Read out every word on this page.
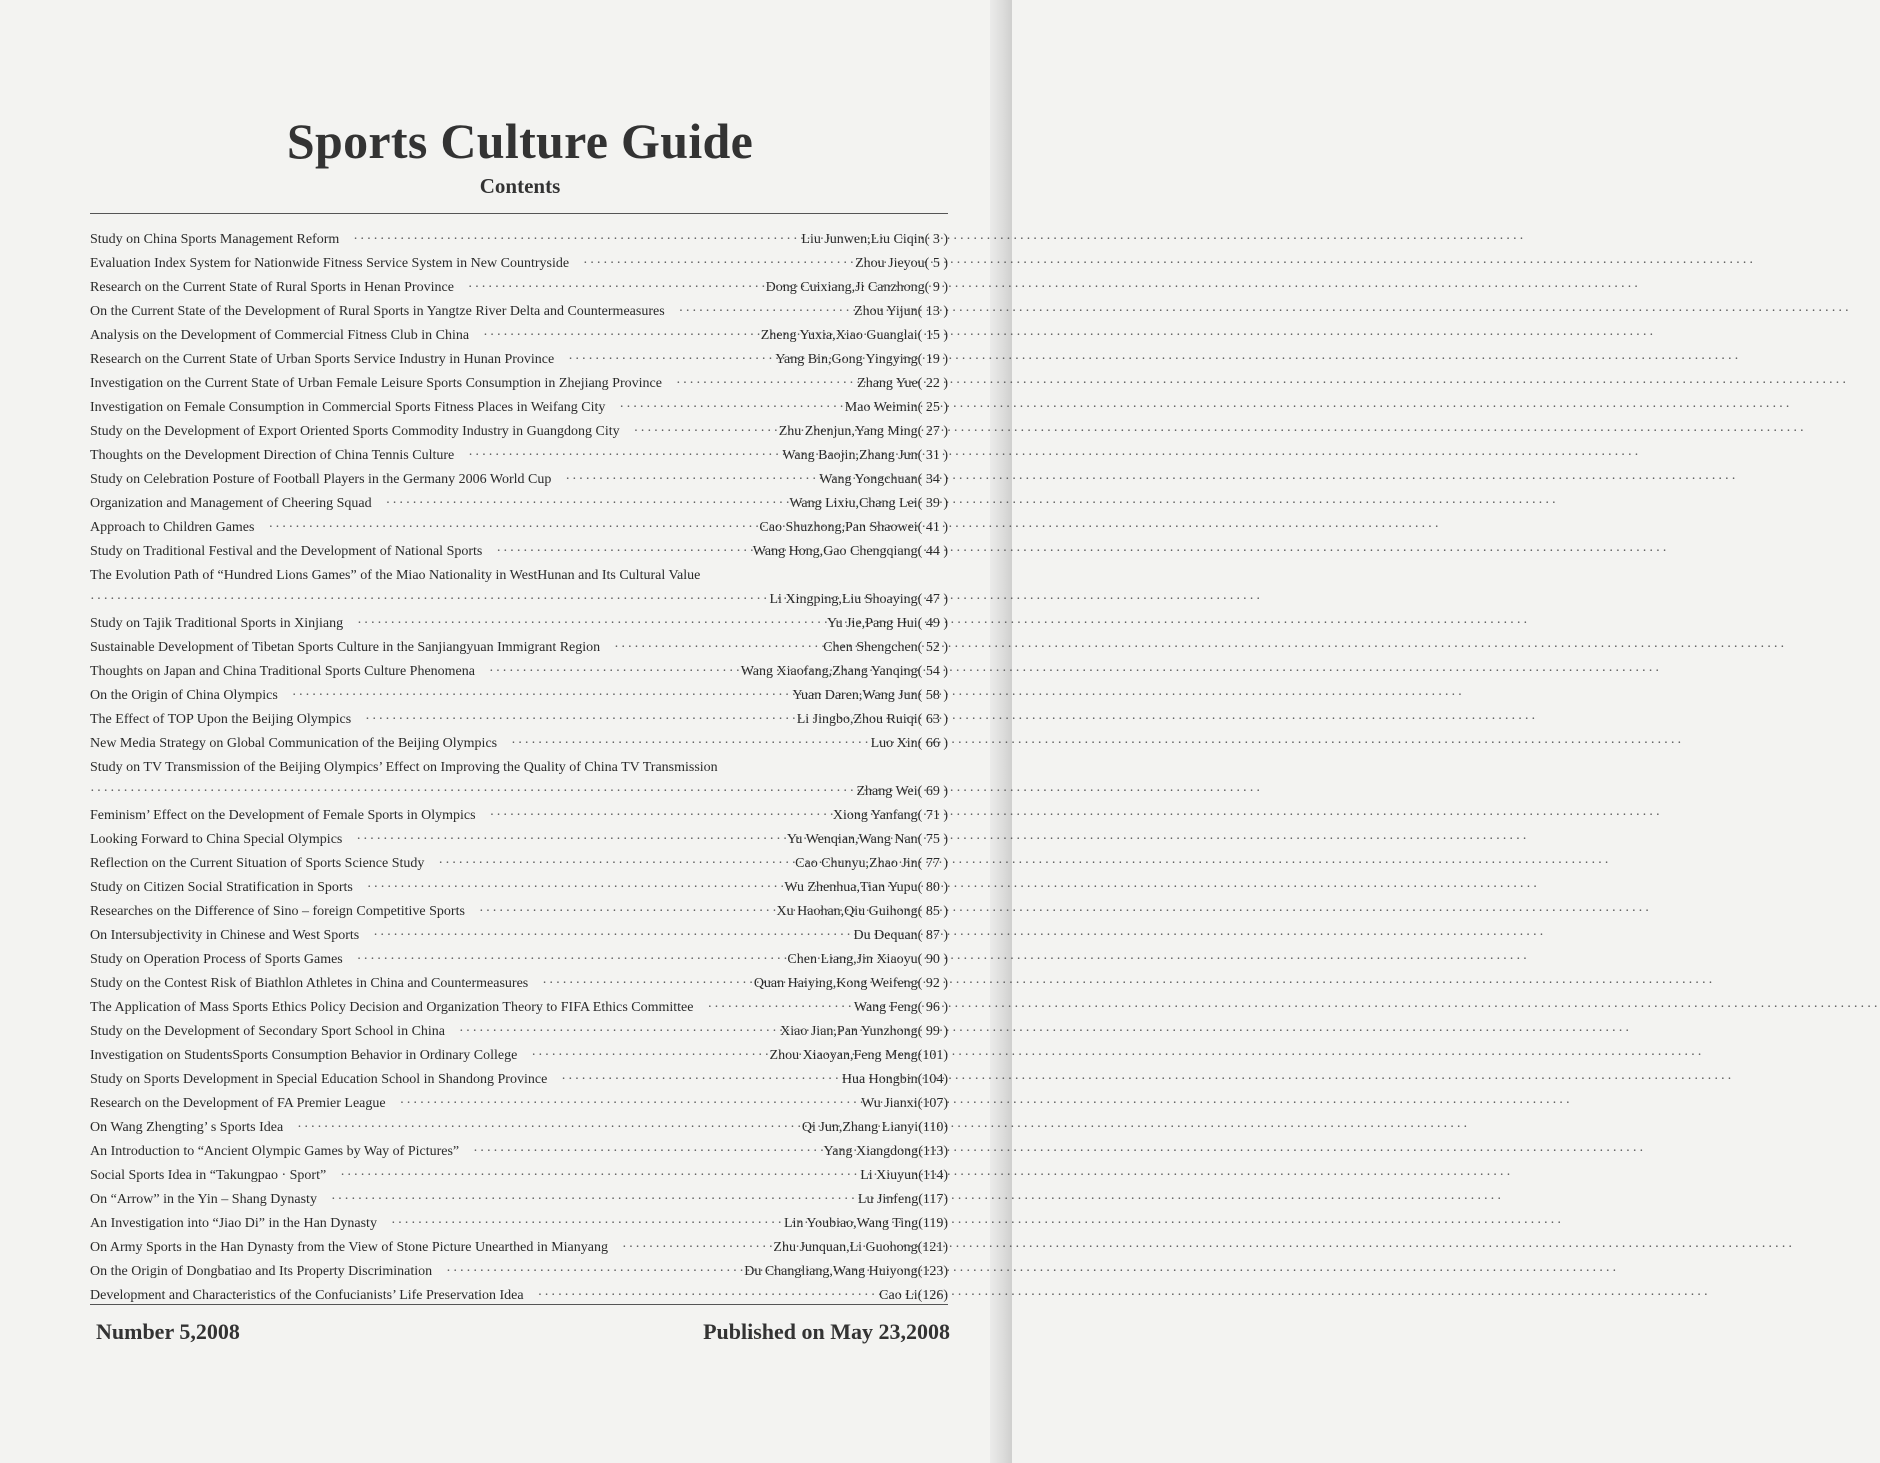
Sports Culture Guide
Contents
Study on China Sports Management Reform ·····	Liu Junwen,Liu Ciqin ( 3 )
Evaluation Index System for Nationwide Fitness Service System in New Countryside ·····	Zhou Jieyou ( 5 )
Research on the Current State of Rural Sports in Henan Province ·····	Dong Cuixiang,Ji Canzhong ( 9 )
On the Current State of the Development of Rural Sports in Yangtze River Delta and Countermeasures ·····	Zhou Yijun ( 13 )
Analysis on the Development of Commercial Fitness Club in China ·····	Zheng Yuxia,Xiao Guanglai ( 15 )
Research on the Current State of Urban Sports Service Industry in Hunan Province ·····	Yang Bin,Gong Yingying ( 19 )
Investigation on the Current State of Urban Female Leisure Sports Consumption in Zhejiang Province ·····	Zhang Yue ( 22 )
Investigation on Female Consumption in Commercial Sports Fitness Places in Weifang City ·····	Mao Weimin ( 25 )
Study on the Development of Export Oriented Sports Commodity Industry in Guangdong City ·····	Zhu Zhenjun,Yang Ming ( 27 )
Thoughts on the Development Direction of China Tennis Culture ·····	Wang Baojin,Zhang Jun ( 31 )
Study on Celebration Posture of Football Players in the Germany 2006 World Cup ·····	Wang Yongchuan ( 34 )
Organization and Management of Cheering Squad ·····	Wang Lixiu,Chang Lei ( 39 )
Approach to Children Games ·····	Cao Shuzhong,Pan Shaowei ( 41 )
Study on Traditional Festival and the Development of National Sports ·····	Wang Hong,Gao Chengqiang ( 44 )
The Evolution Path of “Hundred Lions Games” of the Miao Nationality in WestHunan and Its Cultural Value
·····
Li Xingping,Liu Shoaying ( 47 )
Study on Tajik Traditional Sports in Xinjiang ·····	Yu Jie,Pang Hui ( 49 )
Sustainable Development of Tibetan Sports Culture in the Sanjiangyuan Immigrant Region ·····	Chen Shengchen ( 52 )
Thoughts on Japan and China Traditional Sports Culture Phenomena ·····	Wang Xiaofang,Zhang Yanqing ( 54 )
On the Origin of China Olympics ·····	Yuan Daren,Wang Jun ( 58 )
The Effect of TOP Upon the Beijing Olympics ·····	Li Jingbo,Zhou Ruiqi ( 63 )
New Media Strategy on Global Communication of the Beijing Olympics ·····	Luo Xin ( 66 )
Study on TV Transmission of the Beijing Olympics’ Effect on Improving the Quality of China TV Transmission
·····
Zhang Wei ( 69 )
Feminism’ Effect on the Development of Female Sports in Olympics ·····	Xiong Yanfang ( 71 )
Looking Forward to China Special Olympics ·····	Yu Wenqian,Wang Nan ( 75 )
Reflection on the Current Situation of Sports Science Study ·····	Cao Chunyu,Zhao Jin ( 77 )
Study on Citizen Social Stratification in Sports ·····	Wu Zhenhua,Tian Yupu ( 80 )
Researches on the Difference of Sino – foreign Competitive Sports ·····	Xu Haohan,Qiu Guihong ( 85 )
On Intersubjectivity in Chinese and West Sports ·····	Du Dequan ( 87 )
Study on Operation Process of Sports Games ·····	Chen Liang,Jin Xiaoyu ( 90 )
Study on the Contest Risk of Biathlon Athletes in China and Countermeasures ·····	Quan Haiying,Kong Weifeng ( 92 )
The Application of Mass Sports Ethics Policy Decision and Organization Theory to FIFA Ethics Committee ·····	Wang Feng ( 96 )
Study on the Development of Secondary Sport School in China ·····	Xiao Jian,Pan Yunzhong ( 99 )
Investigation on StudentsSports Consumption Behavior in Ordinary College ·····	Zhou Xiaoyan,Feng Meng (101)
Study on Sports Development in Special Education School in Shandong Province ·····	Hua Hongbin (104)
Research on the Development of FA Premier League ·····	Wu Jianxi (107)
On Wang Zhengting’ s Sports Idea ·····	Qi Jun,Zhang Lianyi (110)
An Introduction to “Ancient Olympic Games by Way of Pictures” ·····	Yang Xiangdong (113)
Social Sports Idea in “Takungpao · Sport” ·····	Li Xiuyun (114)
On “Arrow” in the Yin – Shang Dynasty ·····	Lu Jinfeng (117)
An Investigation into “Jiao Di” in the Han Dynasty ·····	Lin Youbiao,Wang Ting (119)
On Army Sports in the Han Dynasty from the View of Stone Picture Unearthed in Mianyang ·····	Zhu Junquan,Li Guohong (121)
On the Origin of Dongbatiao and Its Property Discrimination ·····	Du Changliang,Wang Huiyong (123)
Development and Characteristics of the Confucianists’ Life Preservation Idea ·····	Cao Li (126)
Number 5,2008	Published on May 23,2008
